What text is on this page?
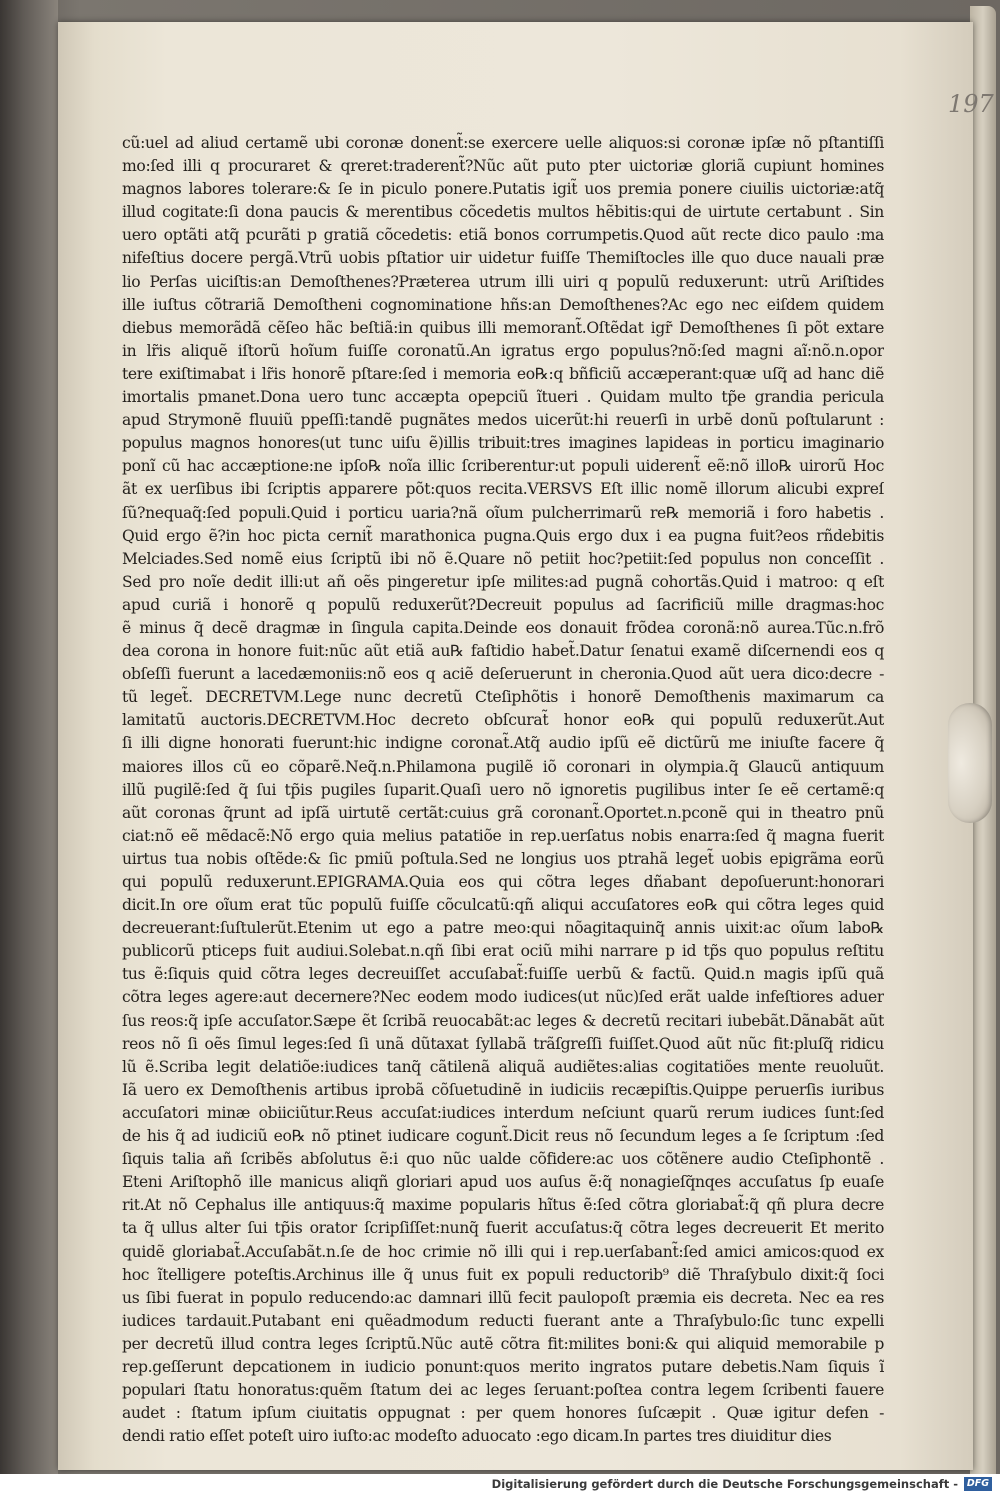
197
cũ:uel ad aliud certamẽ ubi coronæ donent̃:se exercere uelle aliquos:si coronæ ipſæ nõ pſtantiſſi
mo:ſed illi q procuraret & qreret:traderent̃?Nũc aũt puto pter uictoriæ gloriã cupiunt homines
magnos labores tolerare:& ſe in piculo ponere.Putatis igit̃ uos premia ponere ciuilis uictoriæ:atq̃
illud cogitate:ſi dona paucis & merentibus cõcedetis multos hẽbitis:qui de uirtute certabunt . Sin
uero optãti atq̃ pcurãti p gratiã cõcedetis: etiã bonos corrumpetis.Quod aũt recte dico paulo :ma
nifeſtius docere pergã.Vtrũ uobis pſtatior uir uidetur fuiſſe Themiſtocles ille quo duce nauali præ
lio Perſas uiciſtis:an Demoſthenes?Præterea utrum illi uiri q populũ reduxerunt: utrũ Ariſtides
ille iuſtus cõtrariã Demoſtheni cognominatione hñs:an Demoſthenes?Ac ego nec eiſdem quidem
diebus memorãdã cẽſeo hãc beſtiã:in quibus illi memorant̃.Oſtẽdat igr̃ Demoſthenes ſi põt extare
in lr̃is aliquẽ iſtorũ hoĩum fuiſſe coronatũ.An igratus ergo populus?nõ:ſed magni aĩ:nõ.n.opor
tere exiſtimabat i lr̃is honorẽ pſtare:ſed i memoria eo℞:q bñficiũ accæperant:quæ uſq̃ ad hanc diẽ
imortalis pmanet.Dona uero tunc accæpta opepciũ ĩtueri . Quidam multo tp̃e grandia pericula
apud Strymonẽ fluuiũ ppeſſi:tandẽ pugnãtes medos uicerũt:hi reuerſi in urbẽ donũ poſtularunt :
populus magnos honores(ut tunc uiſu ẽ)illis tribuit:tres imagines lapideas in porticu imaginario
ponĩ cũ hac accæptione:ne ipſo℞ noĩa illic ſcriberentur:ut populi uiderent̃ eẽ:nõ illo℞ uirorũ Hoc
ãt ex uerſibus ibi ſcriptis apparere põt:quos recita.VERSVS Eſt illic nomẽ illorum alicubi expreſ
ſũ?nequaq̃:ſed populi.Quid i porticu uaria?nã oĩum pulcherrimarũ re℞ memoriã i foro habetis .
Quid ergo ẽ?in hoc picta cernit̃ marathonica pugna.Quis ergo dux i ea pugna fuit?eos rñdebitis
Melciades.Sed nomẽ eius ſcriptũ ibi nõ ẽ.Quare nõ petiit hoc?petiit:ſed populus non conceſſit .
Sed pro noĩe dedit illi:ut añ oẽs pingeretur ipſe milites:ad pugnã cohortãs.Quid i matroo: q eſt
apud curiã i honorẽ q populũ reduxerũt?Decreuit populus ad ſacrificiũ mille dragmas:hoc
ẽ minus q̃ decẽ dragmæ in ſingula capita.Deinde eos donauit frõdea coronã:nõ aurea.Tũc.n.frõ
dea corona in honore fuit:nũc aũt etiã au℞ faſtidio habet̃.Datur ſenatui examẽ diſcernendi eos q
obſeſſi fuerunt a lacedæmoniis:nõ eos q aciẽ deſeruerunt in cheronia.Quod aũt uera dico:decre -
tũ leget̃. DECRETVM.Lege nunc decretũ Cteſiphõtis i honorẽ Demoſthenis maximarum ca
lamitatũ auctoris.DECRETVM.Hoc decreto obſcurat̃ honor eo℞ qui populũ reduxerũt.Aut
ſi illi digne honorati fuerunt:hic indigne coronat̃.Atq̃ audio ipſũ eẽ dictũrũ me iniuſte facere q̃
maiores illos cũ eo cõparẽ.Neq̃.n.Philamona pugilẽ iõ coronari in olympia.q̃ Glaucũ antiquum
illũ pugilẽ:ſed q̃ ſui tp̃is pugiles ſuparit.Quaſi uero nõ ignoretis pugilibus inter ſe eẽ certamẽ:q
aũt coronas q̃runt ad ipſã uirtutẽ certãt:cuius grã coronant̃.Oportet.n.pconẽ qui in theatro pnũ
ciat:nõ eẽ mẽdacẽ:Nõ ergo quia melius patatiõe in rep.uerſatus nobis enarra:ſed q̃ magna fuerit
uirtus tua nobis oſtẽde:& ſic pmiũ poſtula.Sed ne longius uos ptrahã leget̃ uobis epigrãma eorũ
qui populũ reduxerunt.EPIGRAMA.Quia eos qui cõtra leges dñabant depoſuerunt:honorari
dicit.In ore oĩum erat tũc populũ fuiſſe cõculcatũ:qñ aliqui accuſatores eo℞ qui cõtra leges quid
decreuerant:ſuſtulerũt.Etenim ut ego a patre meo:qui nõagitaquinq̃ annis uixit:ac oĩum labo℞
publicorũ pticeps fuit audiui.Solebat.n.qñ ſibi erat ociũ mihi narrare p id tp̃s quo populus reſtitu
tus ẽ:ſiquis quid cõtra leges decreuiſſet accuſabat̃:fuiſſe uerbũ & factũ. Quid.n magis ipſũ quã
cõtra leges agere:aut decernere?Nec eodem modo iudices(ut nũc)ſed erãt ualde infeſtiores aduer
ſus reos:q̃ ipſe accuſator.Sæpe ẽt ſcribã reuocabãt:ac leges & decretũ recitari iubebãt.Dãnabãt aũt
reos nõ ſi oẽs ſimul leges:ſed ſi unã dũtaxat ſyllabã trãſgreſſi fuiſſet.Quod aũt nũc fit:pluſq̃ ridicu
lũ ẽ.Scriba legit delatiõe:iudices tanq̃ cãtilenã aliquã audiẽtes:alias cogitatiões mente reuoluũt.
Iã uero ex Demoſthenis artibus iprobã cõſuetudinẽ in iudiciis recæpiſtis.Quippe peruerſis iuribus
accuſatori minæ obiiciũtur.Reus accuſat:iudices interdum neſciunt quarũ rerum iudices ſunt:ſed
de his q̃ ad iudiciũ eo℞ nõ ptinet iudicare cogunt̃.Dicit reus nõ ſecundum leges a ſe ſcriptum :ſed
ſiquis talia añ ſcribẽs abſolutus ẽ:i quo nũc ualde cõfidere:ac uos cõtẽnere audio Cteſiphontẽ .
Eteni Ariſtophõ ille manicus aliqñ gloriari apud uos auſus ẽ:q̃ nonagieſq̃nqes accuſatus ſp euaſe
rit.At nõ Cephalus ille antiquus:q̃ maxime popularis hĩtus ẽ:ſed cõtra gloriabat̃:q̃ qñ plura decre
ta q̃ ullus alter ſui tp̃is orator ſcripſiſſet:nunq̃ fuerit accuſatus:q̃ cõtra leges decreuerit Et merito
quidẽ gloriabat̃.Accuſabãt.n.ſe de hoc crimie nõ illi qui i rep.uerſabant̃:ſed amici amicos:quod ex
hoc ĩtelligere poteſtis.Archinus ille q̃ unus fuit ex populi reductorib⁹ diẽ Thraſybulo dixit:q̃ ſoci
us ſibi fuerat in populo reducendo:ac damnari illũ fecit paulopoſt præmia eis decreta. Nec ea res
iudices tardauit.Putabant eni quẽadmodum reducti fuerant ante a Thraſybulo:ſic tunc expelli
per decretũ illud contra leges ſcriptũ.Nũc autẽ cõtra fit:milites boni:& qui aliquid memorabile p
rep.geſſerunt depcationem in iudicio ponunt:quos merito ingratos putare debetis.Nam ſiquis ĩ
populari ſtatu honoratus:quẽm ſtatum dei ac leges ſeruant:poſtea contra legem ſcribenti fauere
audet : ſtatum ipſum ciuitatis oppugnat : per quem honores ſuſcæpit . Quæ igitur defen -
dendi ratio eſſet poteſt uiro iuſto:ac modeſto aduocato :ego dicam.In partes tres diuiditur dies
Digitalisierung gefördert durch die Deutsche Forschungsgemeinschaft - DFG
